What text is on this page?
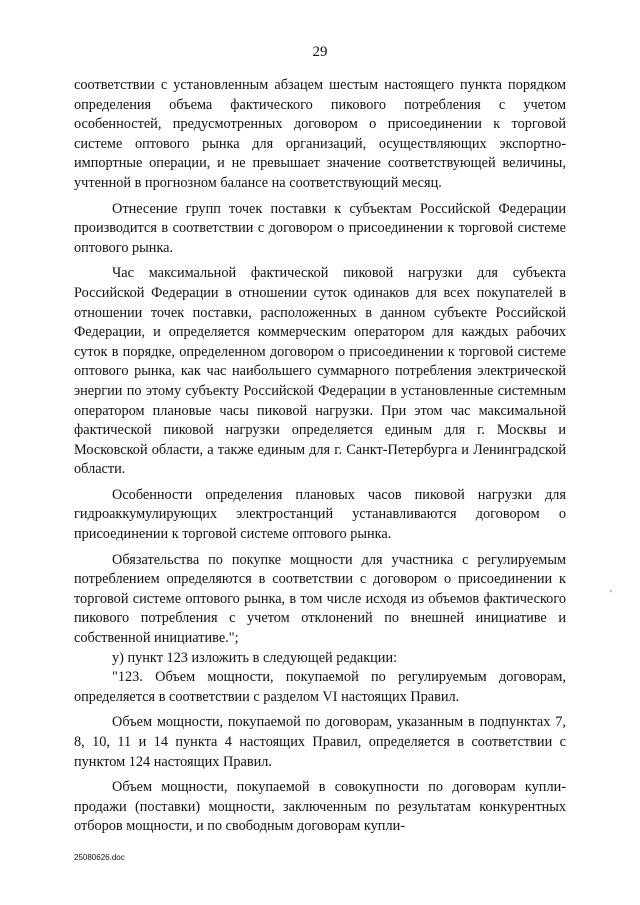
29

соответствии с установленным абзацем шестым настоящего пункта порядком определения объема фактического пикового потребления с учетом особенностей, предусмотренных договором о присоединении к торговой системе оптового рынка для организаций, осуществляющих экспортно-импортные операции, и не превышает значение соответствующей величины, учтенной в прогнозном балансе на соответствующий месяц.

Отнесение групп точек поставки к субъектам Российской Федерации производится в соответствии с договором о присоединении к торговой системе оптового рынка.

Час максимальной фактической пиковой нагрузки для субъекта Российской Федерации в отношении суток одинаков для всех покупателей в отношении точек поставки, расположенных в данном субъекте Российской Федерации, и определяется коммерческим оператором для каждых рабочих суток в порядке, определенном договором о присоединении к торговой системе оптового рынка, как час наибольшего суммарного потребления электрической энергии по этому субъекту Российской Федерации в установленные системным оператором плановые часы пиковой нагрузки. При этом час максимальной фактической пиковой нагрузки определяется единым для г. Москвы и Московской области, а также единым для г. Санкт-Петербурга и Ленинградской области.

Особенности определения плановых часов пиковой нагрузки для гидроаккумулирующих электростанций устанавливаются договором о присоединении к торговой системе оптового рынка.

Обязательства по покупке мощности для участника с регулируемым потреблением определяются в соответствии с договором о присоединении к торговой системе оптового рынка, в том числе исходя из объемов фактического пикового потребления с учетом отклонений по внешней инициативе и собственной инициативе.";

у) пункт 123 изложить в следующей редакции:

"123. Объем мощности, покупаемой по регулируемым договорам, определяется в соответствии с разделом VI настоящих Правил.

Объем мощности, покупаемой по договорам, указанным в подпунктах 7, 8, 10, 11 и 14 пункта 4 настоящих Правил, определяется в соответствии с пунктом 124 настоящих Правил.

Объем мощности, покупаемой в совокупности по договорам купли-продажи (поставки) мощности, заключенным по результатам конкурентных отборов мощности, и по свободным договорам купли-

'
25080626.doc
